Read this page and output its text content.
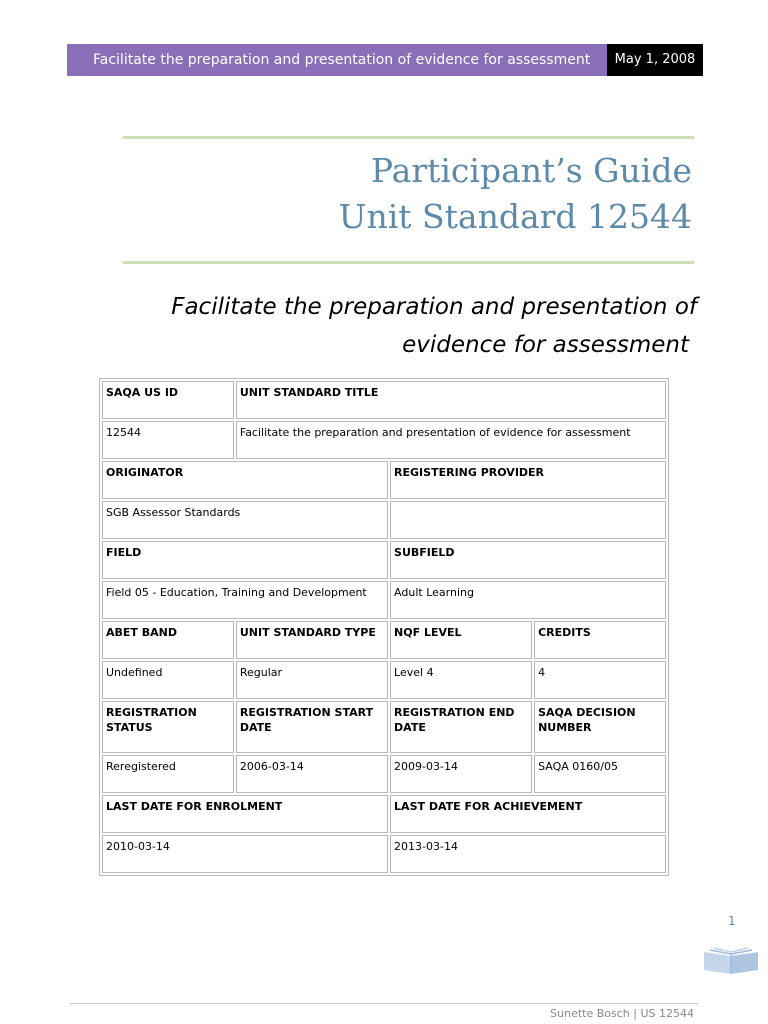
Facilitate the preparation and presentation of evidence for assessment	May 1, 2008
Participant’s Guide
Unit Standard 12544
Facilitate the preparation and presentation of
evidence for assessment
SAQA US ID	UNIT STANDARD TITLE		
12544	Facilitate the preparation and presentation of evidence for assessment		
ORIGINATOR		REGISTERING PROVIDER	
SGB Assessor Standards			
FIELD		SUBFIELD	
Field 05 - Education, Training and Development		Adult Learning	
ABET BAND	UNIT STANDARD TYPE	NQF LEVEL	CREDITS
Undefined	Regular	Level 4	4
REGISTRATION STATUS	REGISTRATION START DATE	REGISTRATION END DATE	SAQA DECISION NUMBER
Reregistered	2006-03-14	2009-03-14	SAQA 0160/05
LAST DATE FOR ENROLMENT		LAST DATE FOR ACHIEVEMENT	
2010-03-14		2013-03-14	
1
Sunette Bosch | US 12544
